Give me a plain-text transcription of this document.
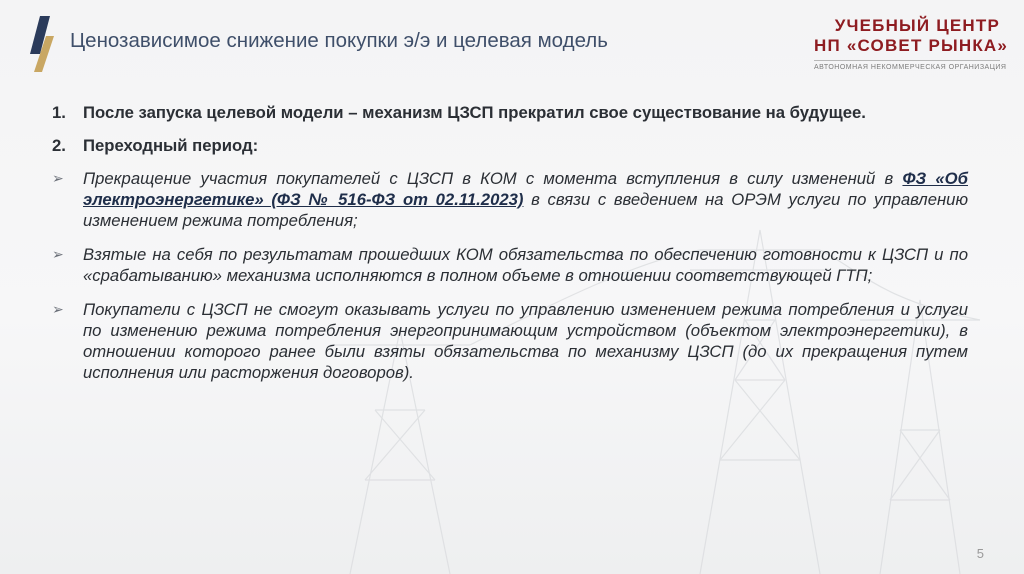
Ценозависимое снижение покупки э/э и целевая модель
УЧЕБНЫЙ ЦЕНТР
НП «СОВЕТ РЫНКА»
АВТОНОМНАЯ НЕКОММЕРЧЕСКАЯ ОРГАНИЗАЦИЯ
1.	После запуска целевой модели – механизм ЦЗСП прекратил свое существование на будущее.
2.	Переходный период:
➢	Прекращение участия покупателей с ЦЗСП в КОМ с момента вступления в силу изменений в ФЗ «Об электроэнергетике» (ФЗ № 516-ФЗ от 02.11.2023) в связи с введением на ОРЭМ услуги по управлению изменением режима потребления;
➢	Взятые на себя по результатам прошедших КОМ обязательства по обеспечению готовности к ЦЗСП и по «срабатыванию» механизма исполняются в полном объеме в отношении соответствующей ГТП;
➢	Покупатели с ЦЗСП не смогут оказывать услуги по управлению изменением режима потребления и услуги по изменению режима потребления энергопринимающим устройством (объектом электроэнергетики), в отношении которого ранее были взяты обязательства по механизму ЦЗСП (до их прекращения путем исполнения или расторжения договоров).
5
